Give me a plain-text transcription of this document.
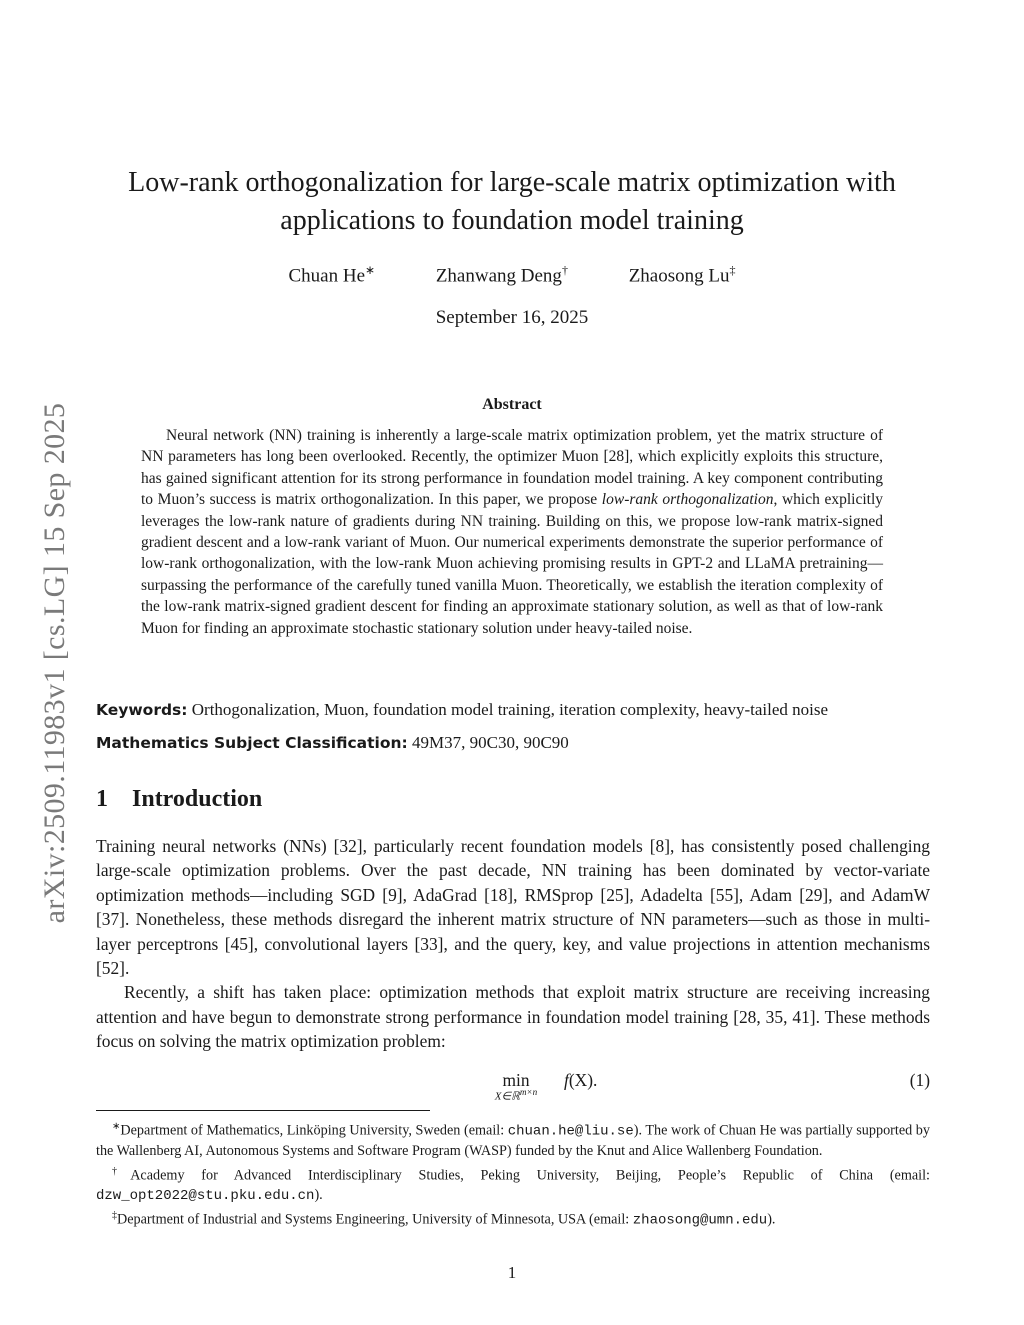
arXiv:2509.11983v1 [cs.LG] 15 Sep 2025
Low-rank orthogonalization for large-scale matrix optimization with
applications to foundation model training
Chuan He∗	Zhanwang Deng†	Zhaosong Lu‡
September 16, 2025
Abstract

Neural network (NN) training is inherently a large-scale matrix optimization problem, yet the matrix structure of NN parameters has long been overlooked. Recently, the optimizer Muon [28], which explicitly exploits this structure, has gained significant attention for its strong performance in foundation model training. A key component contributing to Muon’s success is matrix orthogonalization. In this paper, we propose low-rank orthogonalization, which explicitly leverages the low-rank nature of gradients during NN training. Building on this, we propose low-rank matrix-signed gradient descent and a low-rank variant of Muon. Our numerical experiments demonstrate the superior performance of low-rank orthogonalization, with the low-rank Muon achieving promising results in GPT-2 and LLaMA pretraining—surpassing the performance of the carefully tuned vanilla Muon. Theoretically, we establish the iteration complexity of the low-rank matrix-signed gradient descent for finding an approximate stationary solution, as well as that of low-rank Muon for finding an approximate stochastic stationary solution under heavy-tailed noise.

Keywords: Orthogonalization, Muon, foundation model training, iteration complexity, heavy-tailed noise
Mathematics Subject Classification: 49M37, 90C30, 90C90
1 Introduction

Training neural networks (NNs) [32], particularly recent foundation models [8], has consistently posed challenging large-scale optimization problems. Over the past decade, NN training has been dominated by vector-variate optimization methods—including SGD [9], AdaGrad [18], RMSprop [25], Adadelta [55], Adam [29], and AdamW [37]. Nonetheless, these methods disregard the inherent matrix structure of NN parameters—such as those in multi-layer perceptrons [45], convolutional layers [33], and the query, key, and value projections in attention mechanisms [52].

Recently, a shift has taken place: optimization methods that exploit matrix structure are receiving increasing attention and have begun to demonstrate strong performance in foundation model training [28, 35, 41]. These methods focus on solving the matrix optimization problem:

min
X∈ℝ$^{m\times n}$
f(X).	(1)

∗Department of Mathematics, Linköping University, Sweden (email: chuan.he@liu.se). The work of Chuan He was partially supported by the Wallenberg AI, Autonomous Systems and Software Program (WASP) funded by the Knut and Alice Wallenberg Foundation.

†Academy for Advanced Interdisciplinary Studies, Peking University, Beijing, People’s Republic of China (email: dzw_opt2022@stu.pku.edu.cn).

‡Department of Industrial and Systems Engineering, University of Minnesota, USA (email: zhaosong@umn.edu).

1
